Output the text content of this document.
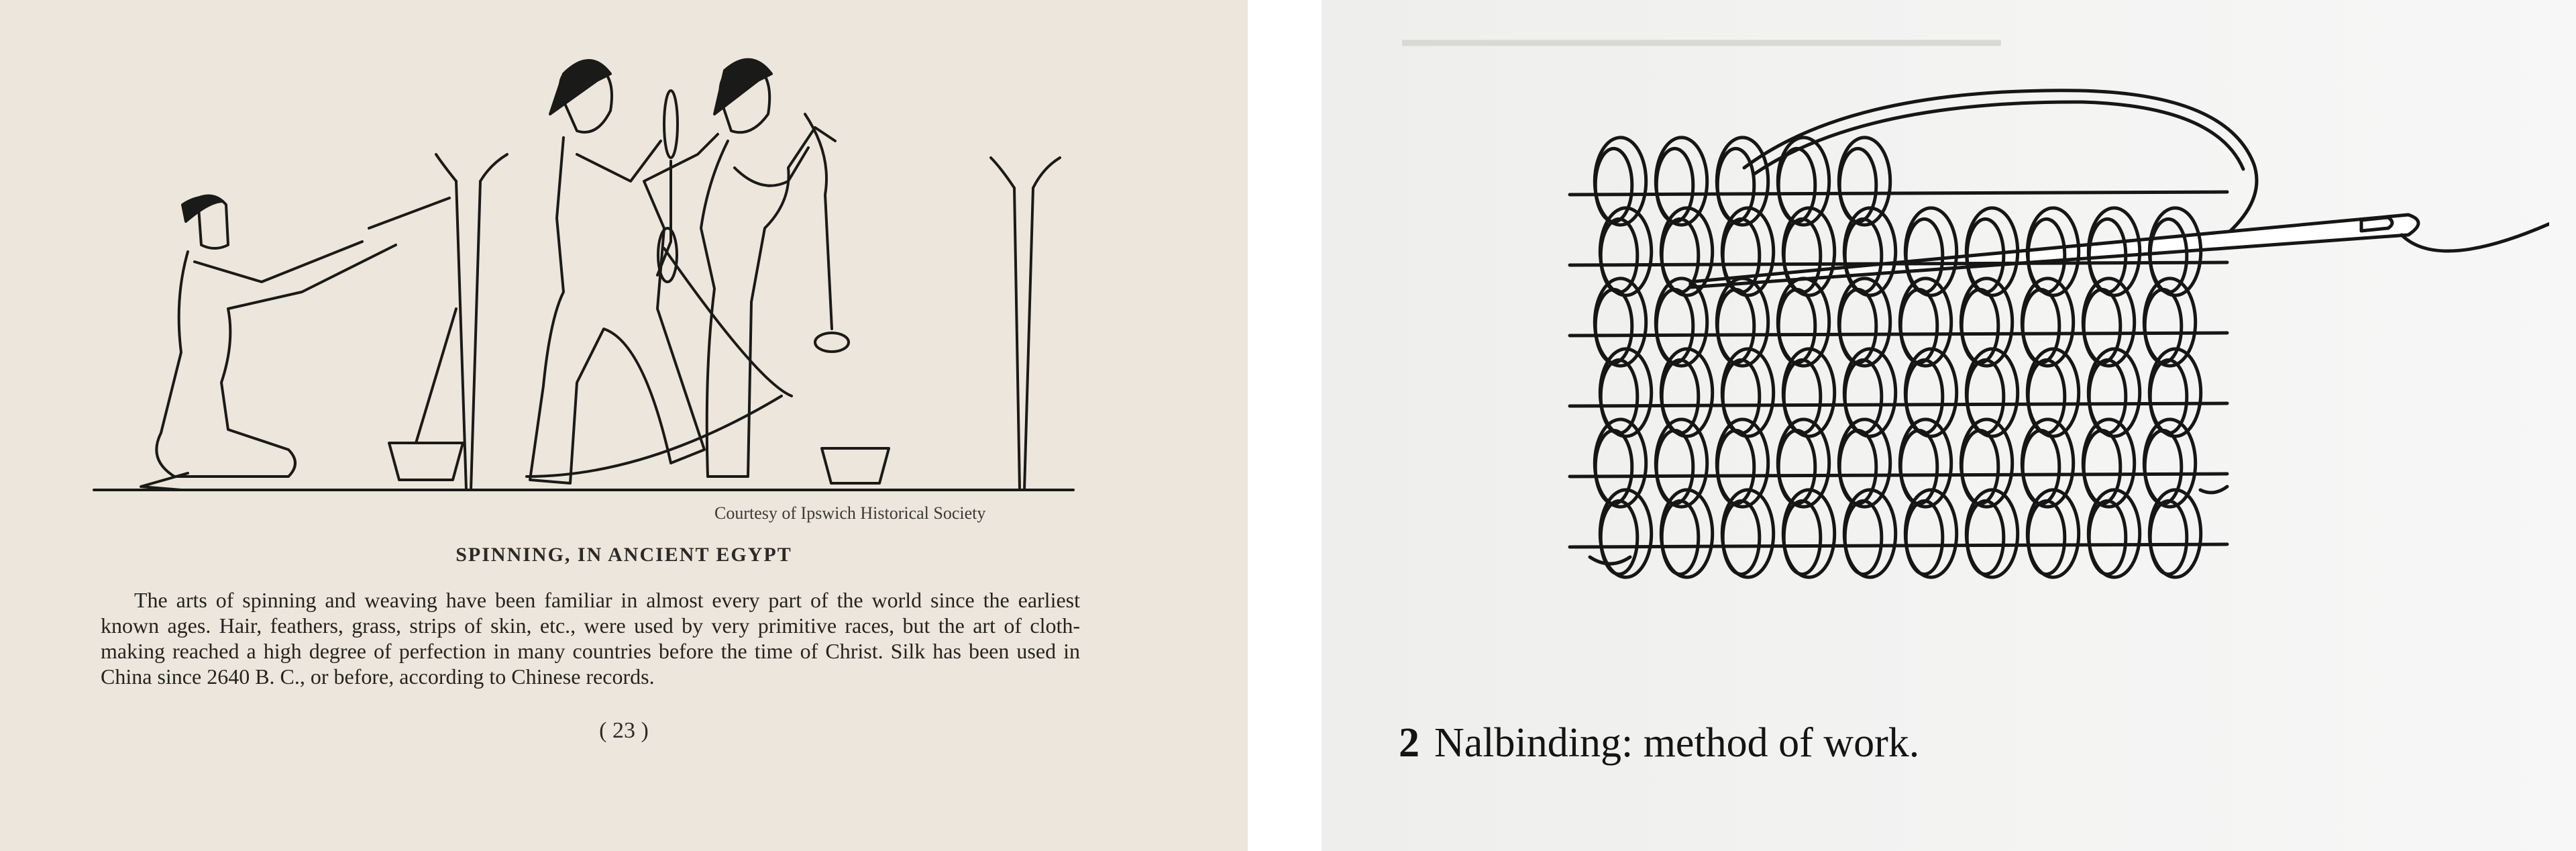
Courtesy of Ipswich Historical Society
SPINNING, IN ANCIENT EGYPT
The arts of spinning and weaving have been familiar in almost every part of the world since the earliest known ages. Hair, feathers, grass, strips of skin, etc., were used by very primitive races, but the art of cloth-making reached a high degree of perfection in many countries before the time of Christ. Silk has been used in China since 2640 B. C., or before, according to Chinese records.
( 23 )
▁▁▁▁▁▁▁▁▁▁▁▁▁▁▁▁▁▁▁▁
2 Nalbinding: method of work.
